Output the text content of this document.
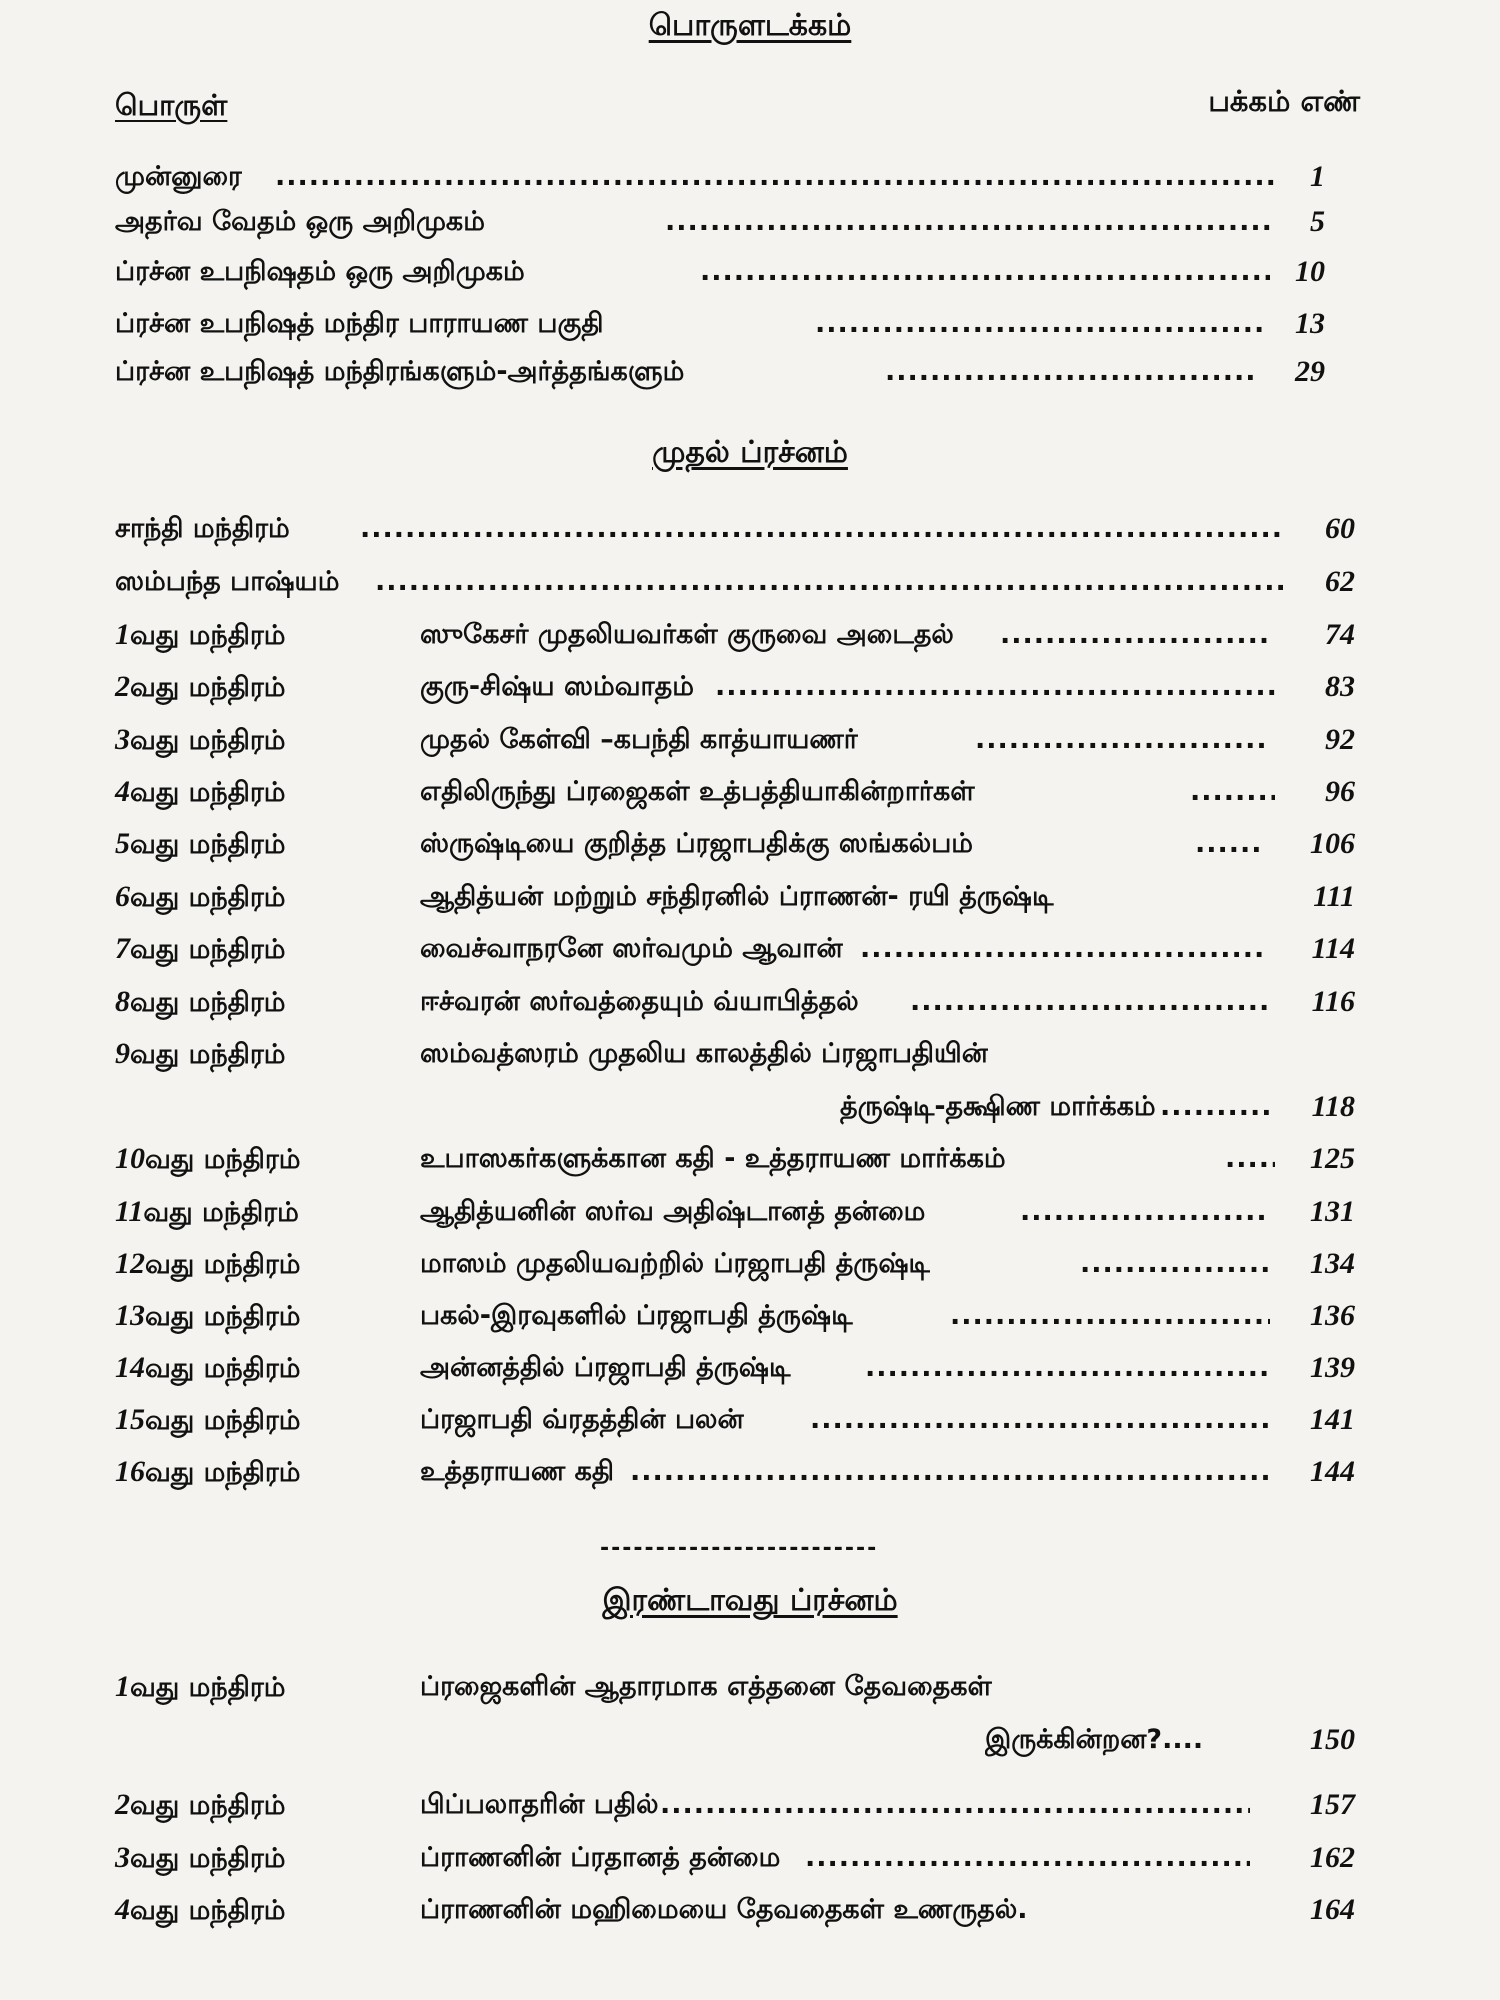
பொருளடக்கம்
பொருள்	பக்கம் எண்
முன்னுரை .....	1
அதர்வ வேதம் ஒரு அறிமுகம் .....	5
ப்ரச்ன உபநிஷதம் ஒரு அறிமுகம் .....	10
ப்ரச்ன உபநிஷத் மந்திர பாராயண பகுதி .....	13
ப்ரச்ன உபநிஷத் மந்திரங்களும்-அர்த்தங்களும் .....	29
முதல் ப்ரச்னம்
சாந்தி மந்திரம் .....	60
ஸம்பந்த பாஷ்யம் .....	62
1வது மந்திரம்	ஸுகேசர் முதலியவர்கள் குருவை அடைதல் .....	74
2வது மந்திரம்	குரு-சிஷ்ய ஸம்வாதம் .....	83
3வது மந்திரம்	முதல் கேள்வி –கபந்தி காத்யாயணர் .....	92
4வது மந்திரம்	எதிலிருந்து ப்ரஜைகள் உத்பத்தியாகின்றார்கள் .....	96
5வது மந்திரம்	ஸ்ருஷ்டியை குறித்த ப்ரஜாபதிக்கு ஸங்கல்பம் .....	106
6வது மந்திரம்	ஆதித்யன் மற்றும் சந்திரனில் ப்ராணன்- ரயி த்ருஷ்டி	111
7வது மந்திரம்	வைச்வாநரனே ஸர்வமும் ஆவான் .....	114
8வது மந்திரம்	ஈச்வரன் ஸர்வத்தையும் வ்யாபித்தல் .....	116
9வது மந்திரம்	ஸம்வத்ஸரம் முதலிய காலத்தில் ப்ரஜாபதியின்
த்ருஷ்டி-தக்ஷிண மார்க்கம் .....	118
10வது மந்திரம்	உபாஸகர்களுக்கான கதி - உத்தராயண மார்க்கம் .....	125
11வது மந்திரம்	ஆதித்யனின் ஸர்வ அதிஷ்டானத் தன்மை .....	131
12வது மந்திரம்	மாஸம் முதலியவற்றில் ப்ரஜாபதி த்ருஷ்டி .....	134
13வது மந்திரம்	பகல்-இரவுகளில் ப்ரஜாபதி த்ருஷ்டி .....	136
14வது மந்திரம்	அன்னத்தில் ப்ரஜாபதி த்ருஷ்டி .....	139
15வது மந்திரம்	ப்ரஜாபதி வ்ரதத்தின் பலன் .....	141
16வது மந்திரம்	உத்தராயண கதி .....	144
-------------------------
இரண்டாவது ப்ரச்னம்
1வது மந்திரம்	ப்ரஜைகளின் ஆதாரமாக எத்தனை தேவதைகள்
இருக்கின்றன?....	150
2வது மந்திரம்	பிப்பலாதரின் பதில் .....	157
3வது மந்திரம்	ப்ராணனின் ப்ரதானத் தன்மை .....	162
4வது மந்திரம்	ப்ராணனின் மஹிமையை தேவதைகள் உணருதல்.	164
